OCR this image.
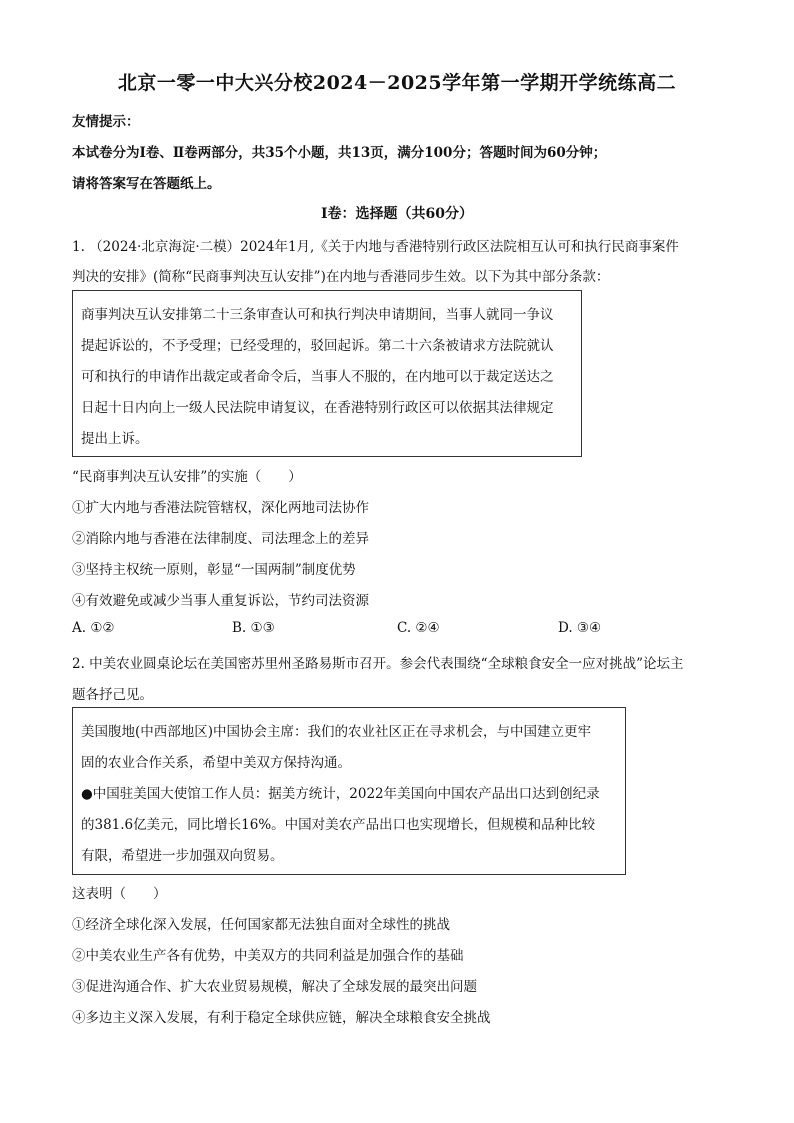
北京一零一中大兴分校2024－2025学年第一学期开学统练高二
友情提示：
本试卷分为Ⅰ卷、Ⅱ卷两部分，共35个小题，共13页，满分100分；答题时间为60分钟；
请将答案写在答题纸上。
Ⅰ卷：选择题（共60分）
1. （2024·北京海淀·二模）2024年1月,《关于内地与香港特别行政区法院相互认可和执行民商事案件
判决的安排》(简称“民商事判决互认安排”)在内地与香港同步生效。以下为其中部分条款：
商事判决互认安排第二十三条审查认可和执行判决申请期间，当事人就同一争议
提起诉讼的，不予受理；已经受理的，驳回起诉。第二十六条被请求方法院就认
可和执行的申请作出裁定或者命令后，当事人不服的，在内地可以于裁定送达之
日起十日内向上一级人民法院申请复议，在香港特别行政区可以依据其法律规定
提出上诉。
“民商事判决互认安排”的实施（　　）
①扩大内地与香港法院管辖权，深化两地司法协作
②消除内地与香港在法律制度、司法理念上的差异
③坚持主权统一原则，彰显“一国两制”制度优势
④有效避免或减少当事人重复诉讼，节约司法资源
A. ①②	B. ①③	C. ②④	D. ③④
2. 中美农业圆桌论坛在美国密苏里州圣路易斯市召开。参会代表围绕“全球粮食安全一应对挑战”论坛主
题各抒己见。
美国腹地(中西部地区)中国协会主席：我们的农业社区正在寻求机会，与中国建立更牢
固的农业合作关系，希望中美双方保持沟通。
●中国驻美国大使馆工作人员：据美方统计，2022年美国向中国农产品出口达到创纪录
的381.6亿美元，同比增长16%。中国对美农产品出口也实现增长，但规模和品种比较
有限，希望进一步加强双向贸易。
这表明（　　）
①经济全球化深入发展，任何国家都无法独自面对全球性的挑战
②中美农业生产各有优势，中美双方的共同利益是加强合作的基础
③促进沟通合作、扩大农业贸易规模，解决了全球发展的最突出问题
④多边主义深入发展，有利于稳定全球供应链，解决全球粮食安全挑战
